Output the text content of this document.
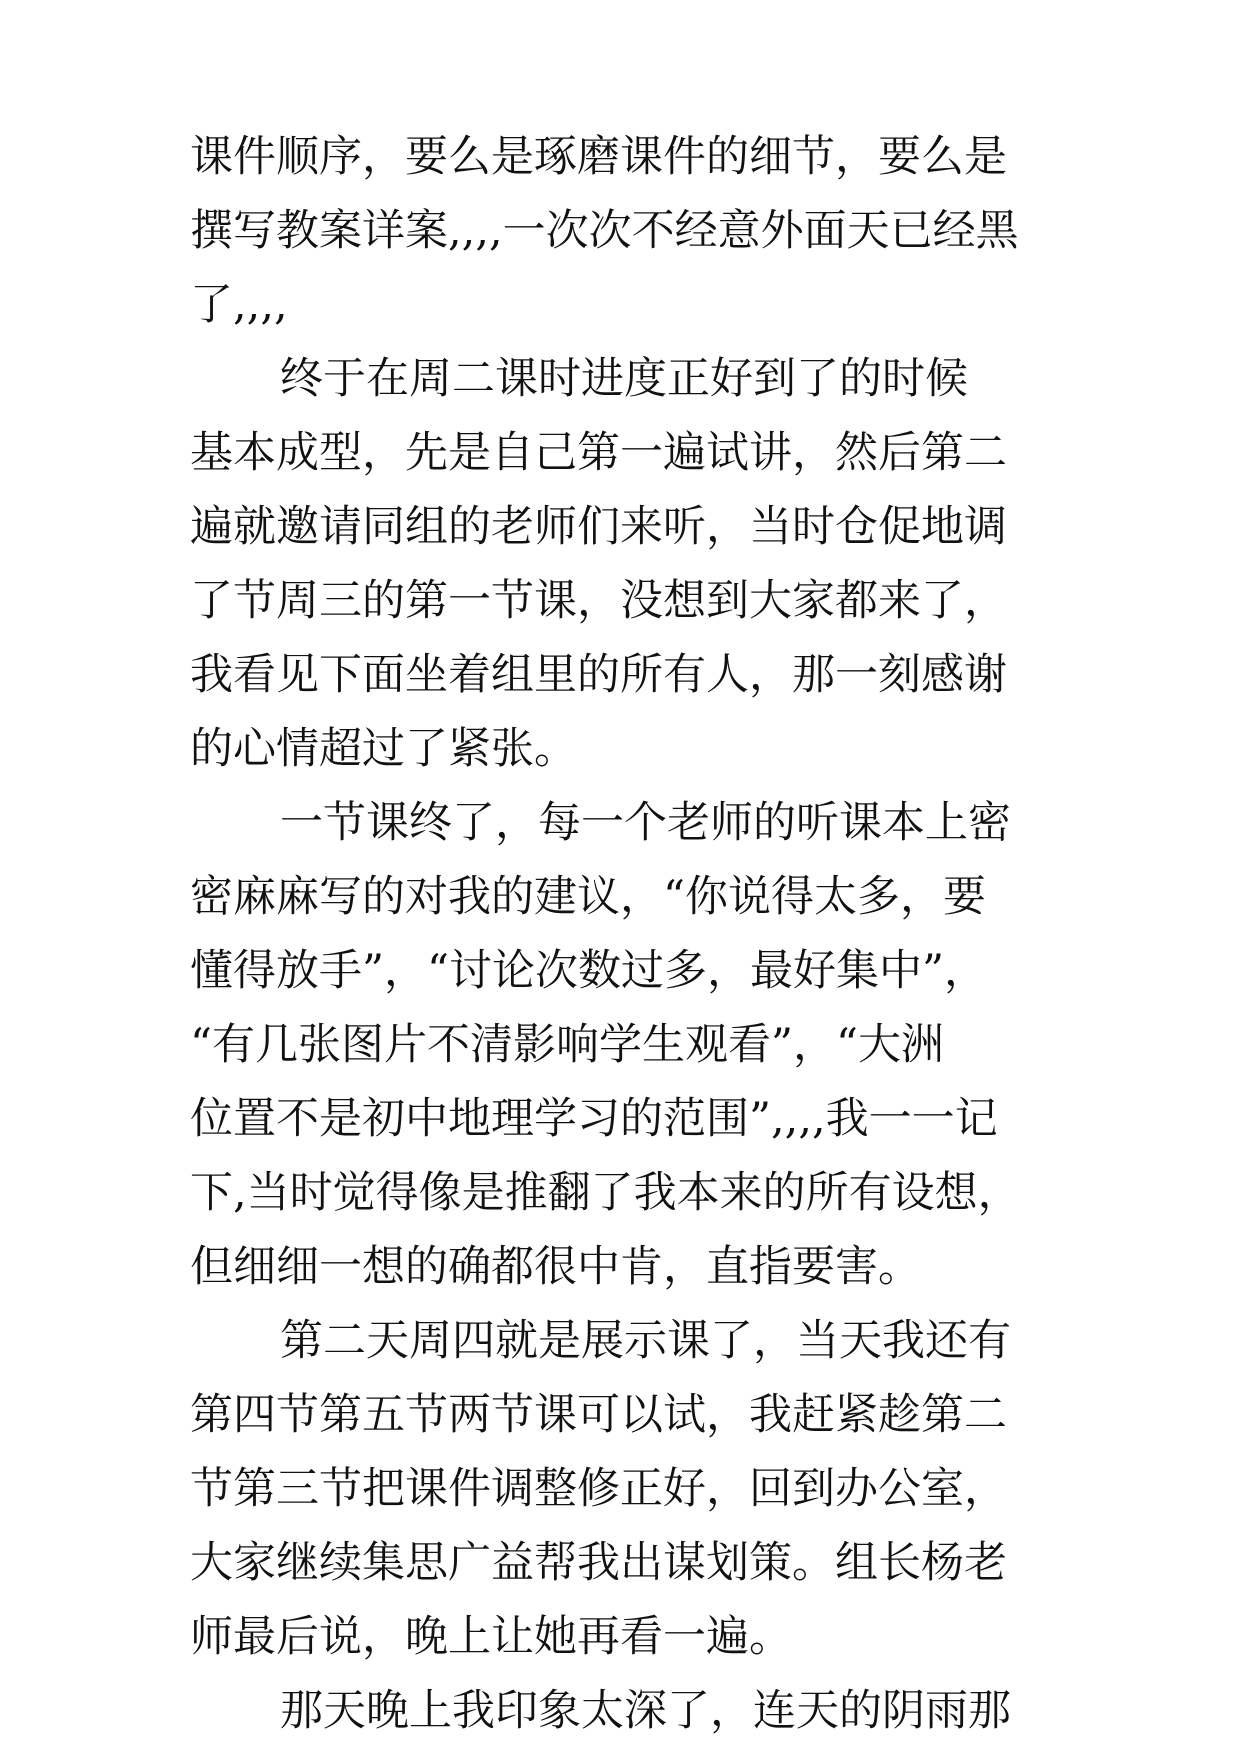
课件顺序，要么是琢磨课件的细节，要么是
撰写教案详案,,,,一次次不经意外面天已经黑
了,,,,
终于在周二课时进度正好到了的时候
基本成型，先是自己第一遍试讲，然后第二
遍就邀请同组的老师们来听，当时仓促地调
了节周三的第一节课，没想到大家都来了，
我看见下面坐着组里的所有人，那一刻感谢
的心情超过了紧张。
一节课终了，每一个老师的听课本上密
密麻麻写的对我的建议，“你说得太多，要
懂得放手”，“讨论次数过多，最好集中”，
“有几张图片不清影响学生观看”，“大洲
位置不是初中地理学习的范围”,,,,我一一记
下,当时觉得像是推翻了我本来的所有设想，
但细细一想的确都很中肯，直指要害。
第二天周四就是展示课了，当天我还有
第四节第五节两节课可以试，我赶紧趁第二
节第三节把课件调整修正好，回到办公室，
大家继续集思广益帮我出谋划策。组长杨老
师最后说，晚上让她再看一遍。
那天晚上我印象太深了，连天的阴雨那
